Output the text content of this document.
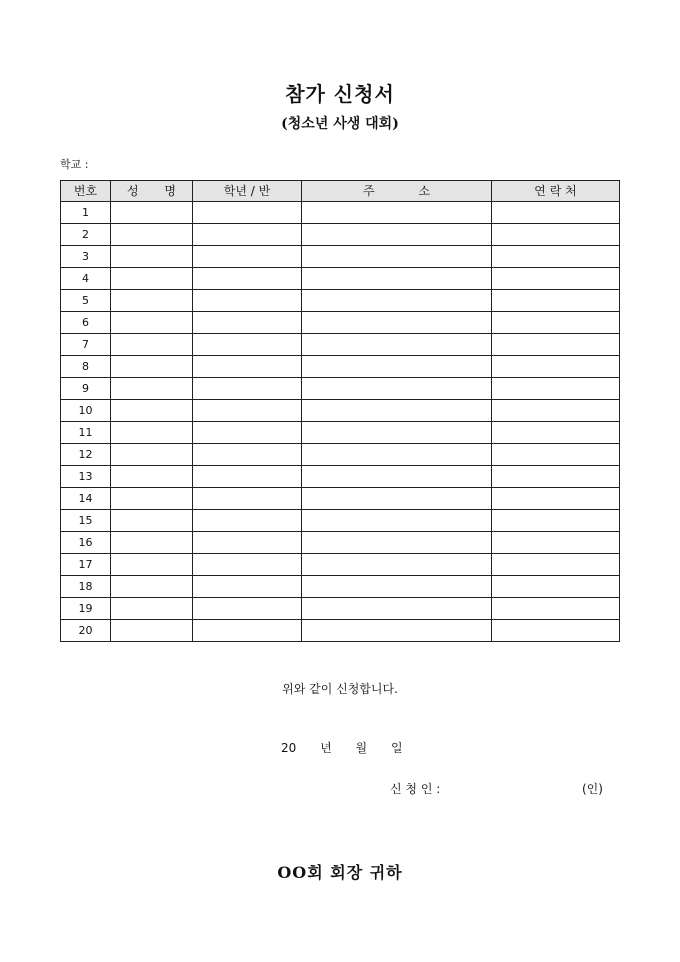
참가 신청서
(청소년 사생 대회)
학교 :
번호	성 명	학년 / 반	주 소	연 락 처
1				
2				
3				
4				
5				
6				
7				
8				
9				
10				
11				
12				
13				
14				
15				
16				
17				
18				
19				
20				
위와 같이 신청합니다.
20 년 월 일
신 청 인 :	(인)
OO회 회장 귀하
